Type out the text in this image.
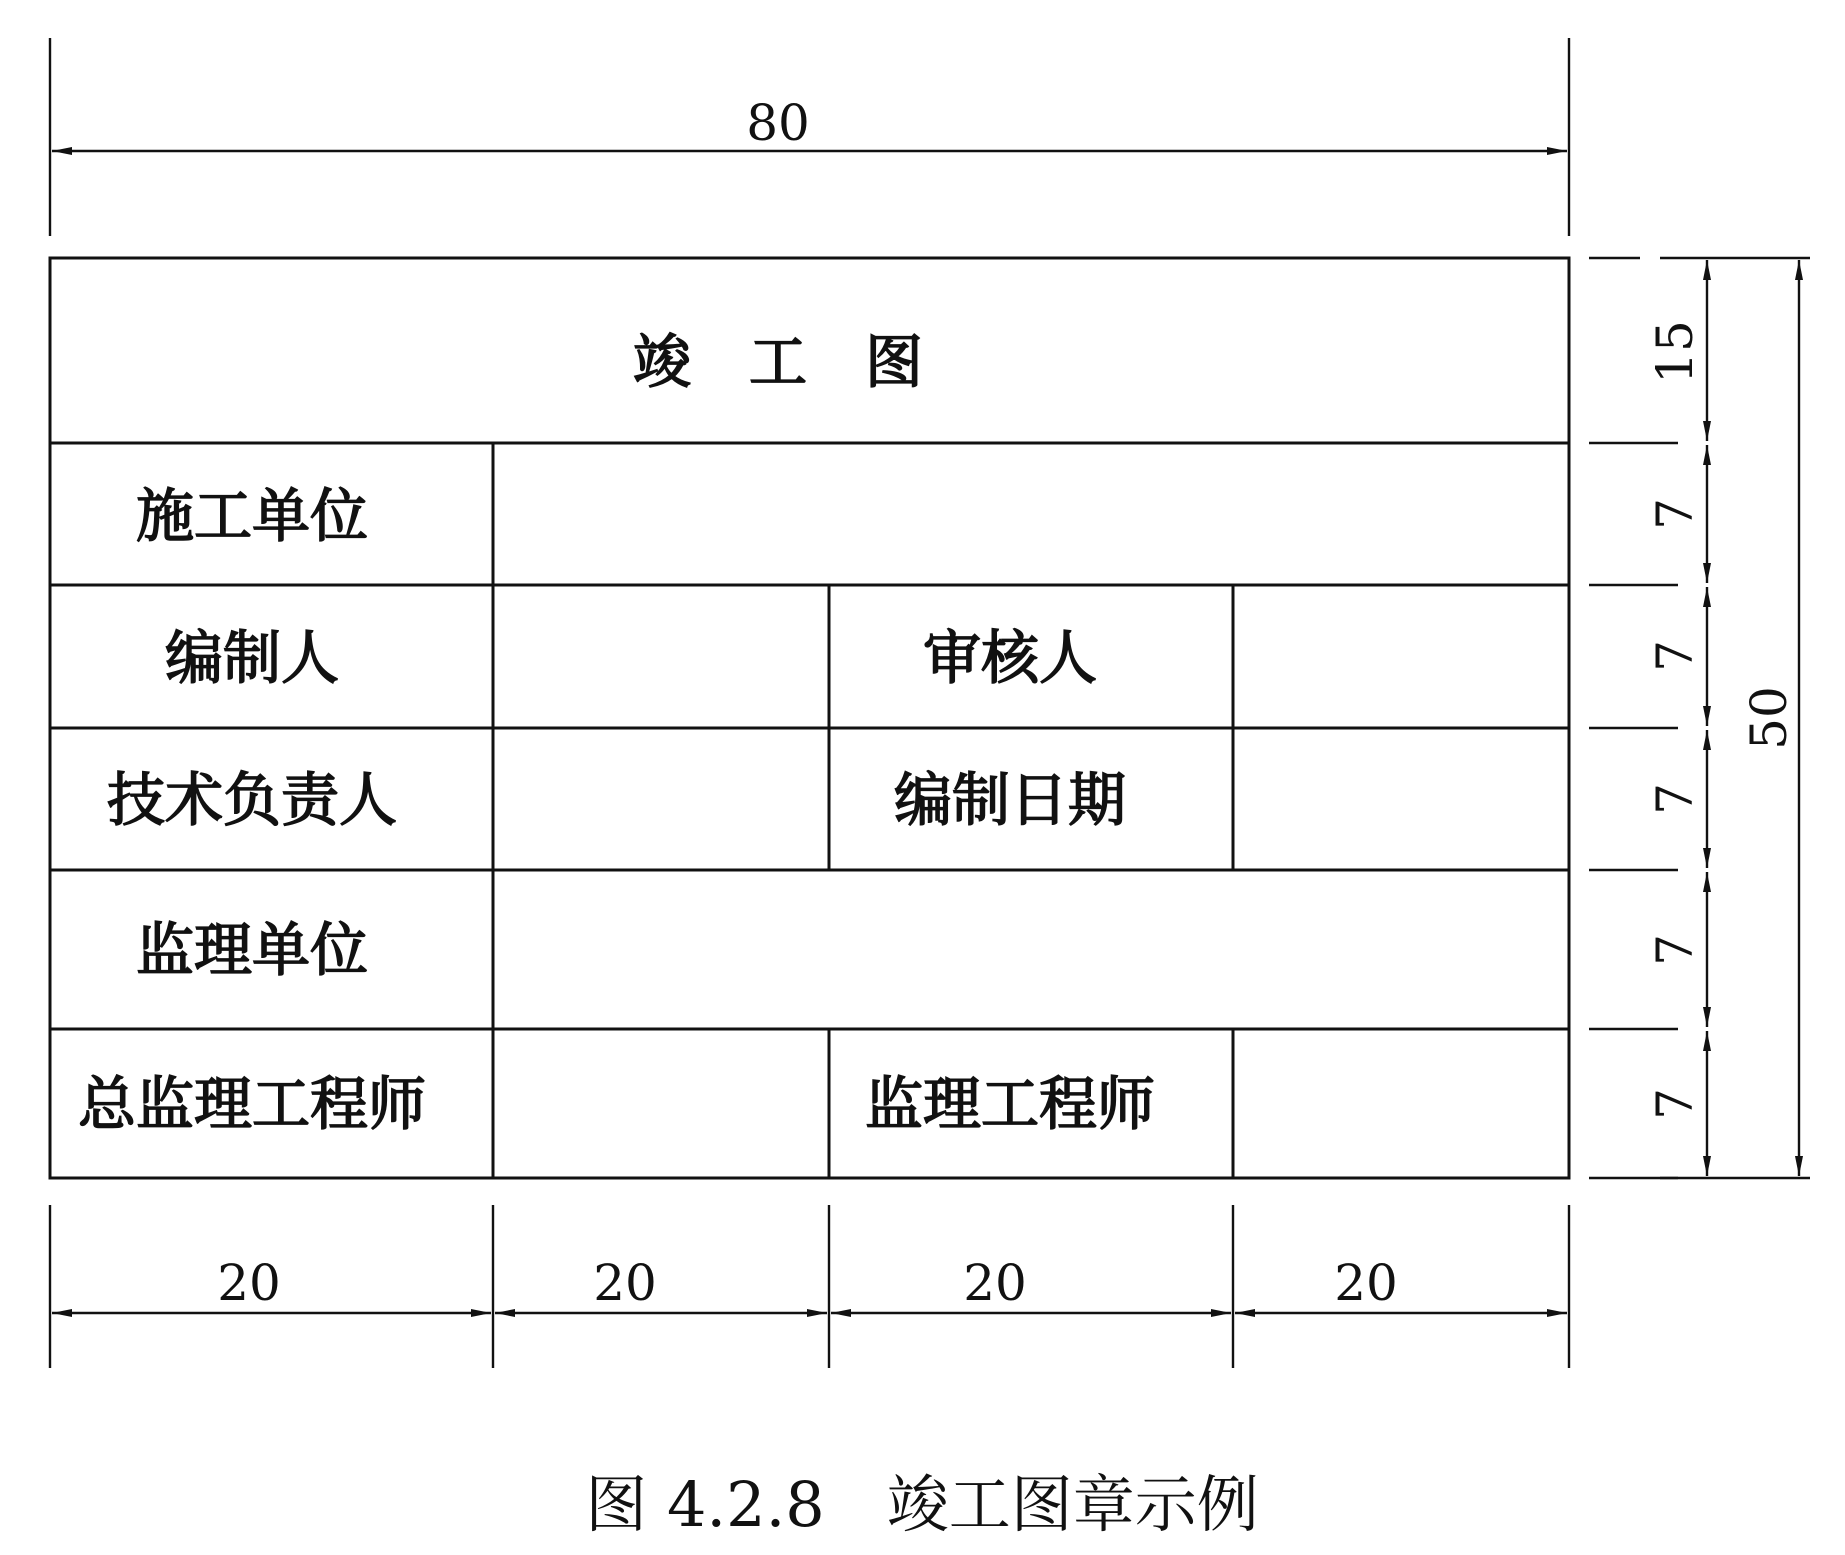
80
竣　工　图
施工单位
编制人	审核人
技术负责人	编制日期
监理单位
总监理工程师	监理工程师
15
7
7
7
7
7
50
20	20	20	20
图 4.2.8　竣工图章示例
